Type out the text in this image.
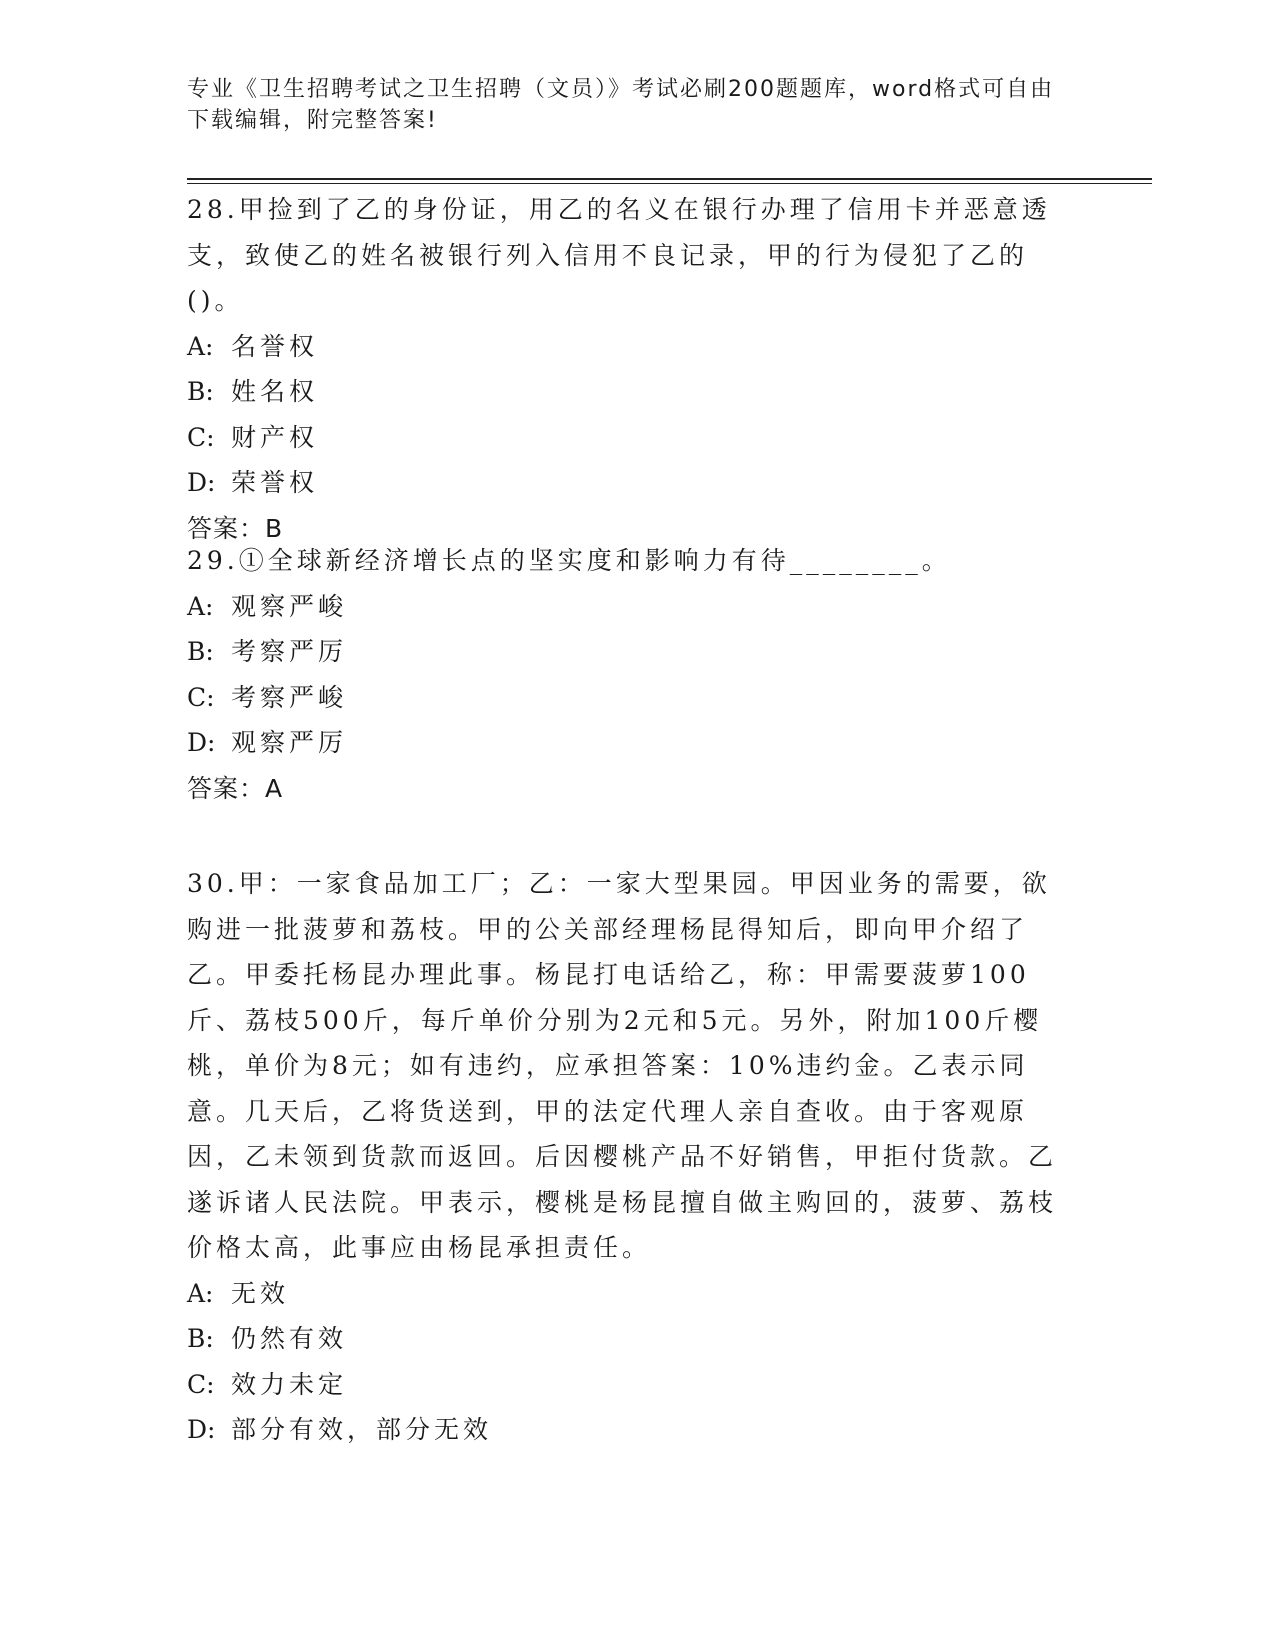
专业《卫生招聘考试之卫生招聘（文员）》考试必刷200题题库，word格式可自由下载编辑，附完整答案!

28.甲捡到了乙的身份证，用乙的名义在银行办理了信用卡并恶意透支，致使乙的姓名被银行列入信用不良记录，甲的行为侵犯了乙的()。

A: 名誉权
B: 姓名权
C: 财产权
D: 荣誉权
答案：B

29.①全球新经济增长点的坚实度和影响力有待________。

A: 观察严峻
B: 考察严厉
C: 考察严峻
D: 观察严厉
答案：A

30.甲：一家食品加工厂；乙：一家大型果园。甲因业务的需要，欲购进一批菠萝和荔枝。甲的公关部经理杨昆得知后，即向甲介绍了乙。甲委托杨昆办理此事。杨昆打电话给乙，称：甲需要菠萝100斤、荔枝500斤，每斤单价分别为2元和5元。另外，附加100斤樱桃，单价为8元；如有违约，应承担答案：10%违约金。乙表示同意。几天后，乙将货送到，甲的法定代理人亲自查收。由于客观原因，乙未领到货款而返回。后因樱桃产品不好销售，甲拒付货款。乙遂诉诸人民法院。甲表示，樱桃是杨昆擅自做主购回的，菠萝、荔枝价格太高，此事应由杨昆承担责任。

A: 无效
B: 仍然有效
C: 效力未定
D: 部分有效，部分无效
